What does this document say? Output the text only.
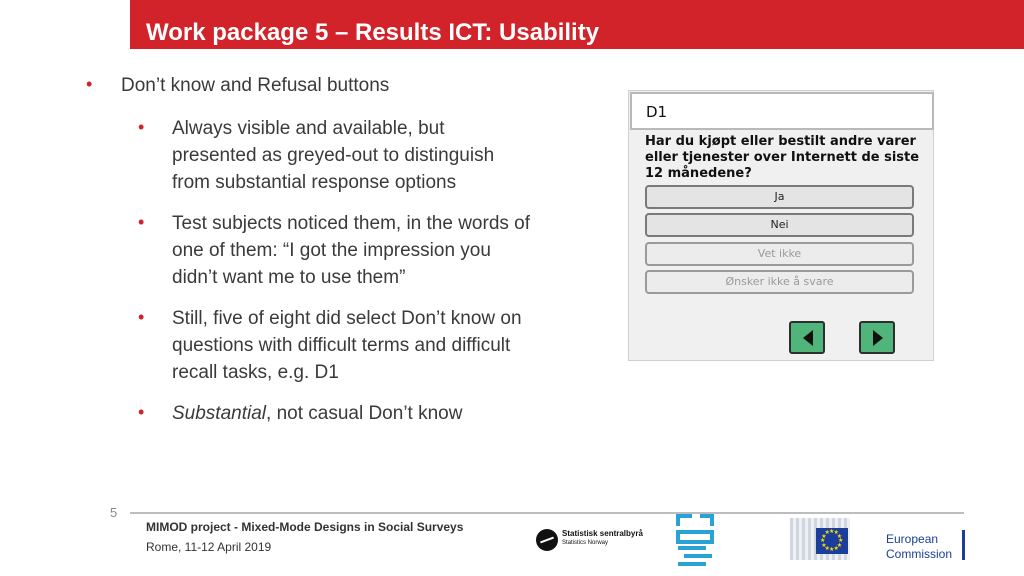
Work package 5 – Results ICT: Usability
• Don’t know and Refusal buttons
• Always visible and available, but presented as greyed-out to distinguish from substantial response options
• Test subjects noticed them, in the words of one of them: “I got the impression you didn’t want me to use them”
• Still, five of eight did select Don’t know on questions with difficult terms and difficult recall tasks, e.g. D1
• Substantial, not casual Don’t know
D1
Har du kjøpt eller bestilt andre varer eller tjenester over Internett de siste 12 månedene?
Ja
Nei
Vet ikke
Ønsker ikke å svare
5
MIMOD project - Mixed-Mode Designs in Social Surveys
Rome, 11-12 April 2019
Statistisk sentralbyrå
Statistics Norway	★
★
★
★
★
★
★
★
★ ★ ★
★	European
Commission
